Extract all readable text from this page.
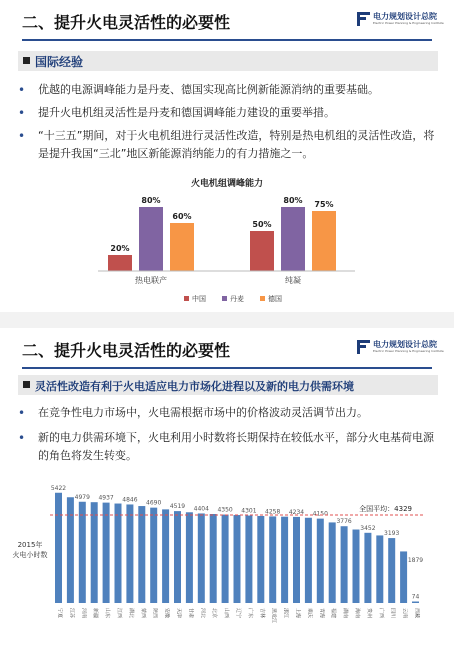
二、提升火电灵活性的必要性	电力规划设计总院
Electric Power Planning & Engineering Institute
国际经验
• 优越的电源调峰能力是丹麦、德国实现高比例新能源消纳的重要基础。
• 提升火电机组灵活性是丹麦和德国调峰能力建设的重要举措。
• “十三五”期间，对于火电机组进行灵活性改造，特别是热电机组的灵活性改造，将是提升我国“三北”地区新能源消纳能力的有力措施之一。
火电机组调峰能力
20%
80%
60%
50%
80% 75%
热电联产	纯凝
中国	丹麦	德国
二、提升火电灵活性的必要性	电力规划设计总院
Electric Power Planning & Engineering Institute
灵活性改造有利于火电适应电力市场化进程以及新的电力供需环境
• 在竞争性电力市场中，火电需根据市场中的价格波动灵活调节出力。
• 新的电力供需环境下，火电利用小时数将长期保持在较低水平，部分火电基荷电源的角色将发生转变。
2015年
火电小时数
5422
4979 4937 4846 4690 4519 4404 4350 4301 4258 4234 4150
3776
3452
3193
1879
74
全国平均：4329
宁夏 江苏 河南 新疆 山东 江西 湖北 蒙西 陕西 安徽 天津 甘肃 河北 北京 山西 辽宁 广东 吉林 黑龙江 浙江 上海 重庆 青海 福建 湖南 海南 贵州 广西 四川 云南 西藏
